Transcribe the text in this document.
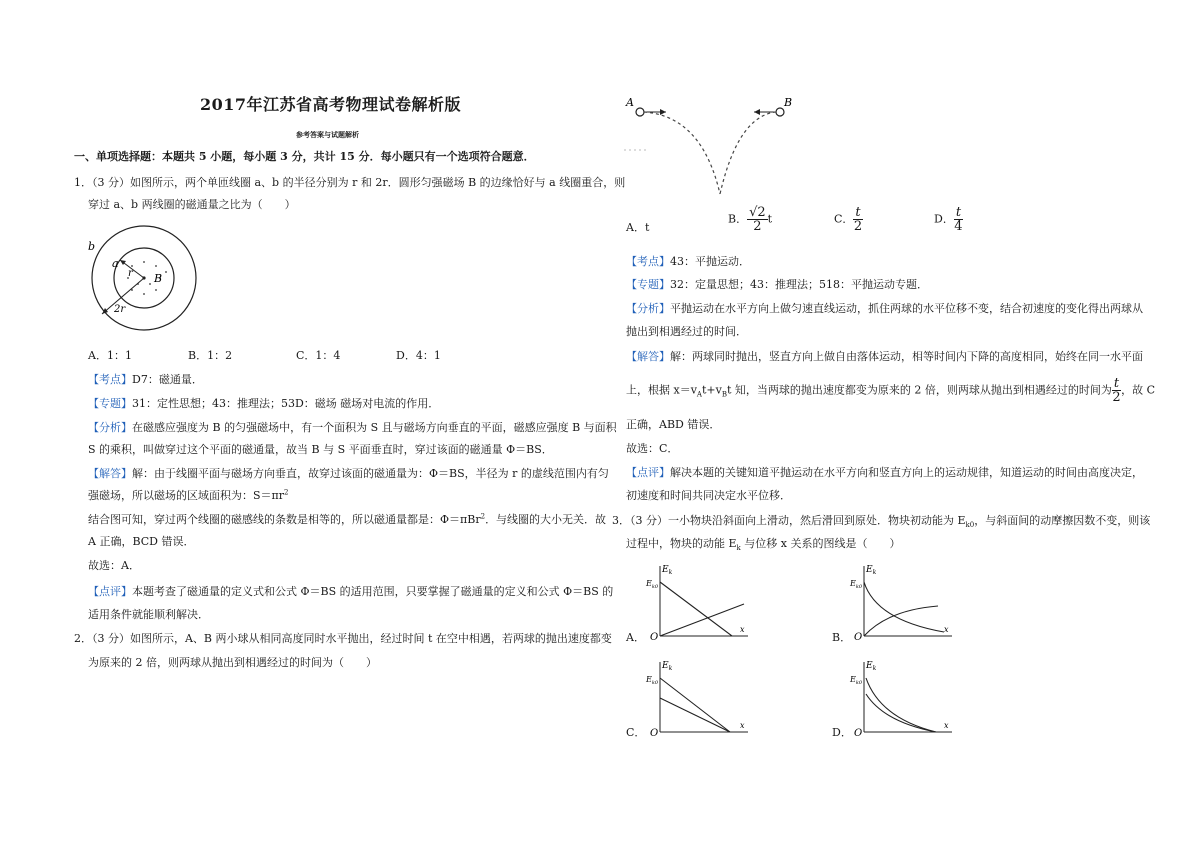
2017年江苏省高考物理试卷解析版
参考答案与试题解析
一、单项选择题：本题共 5 小题，每小题 3 分，共计 15 分．每小题只有一个选项符合题意．
1．（3 分）如图所示，两个单匝线圈 a、b 的半径分别为 r 和 2r．圆形匀强磁场 B 的边缘恰好与 a 线圈重合，则
穿过 a、b 两线圈的磁通量之比为（　　）
b
a
r B
2r
A．1：1	B．1：2	C．1：4	D．4：1
【考点】D7：磁通量．
【专题】31：定性思想；43：推理法；53D：磁场 磁场对电流的作用．
【分析】在磁感应强度为 B 的匀强磁场中，有一个面积为 S 且与磁场方向垂直的平面，磁感应强度 B 与面积
S 的乘积，叫做穿过这个平面的磁通量，故当 B 与 S 平面垂直时，穿过该面的磁通量 Φ＝BS．
【解答】解：由于线圈平面与磁场方向垂直，故穿过该面的磁通量为：Φ＝BS，半径为 r 的虚线范围内有匀
强磁场，所以磁场的区域面积为：$S=\pi r^2$
结合图可知，穿过两个线圈的磁感线的条数是相等的，所以磁通量都是：Φ＝πBr$^2$．与线圈的大小无关．故
A 正确，BCD 错误．
故选：A．
【点评】本题考查了磁通量的定义式和公式 Φ＝BS 的适用范围，只要掌握了磁通量的定义和公式 Φ＝BS 的
适用条件就能顺利解决．
2．（3 分）如图所示，A、B 两小球从相同高度同时水平抛出，经过时间 t 在空中相遇，若两球的抛出速度都变
为原来的 2 倍，则两球从抛出到相遇经过的时间为（　　）
A	B
A．t
B． $\frac{√2}{2}$ t	C． $\frac{t}{2}$	D． $\frac{t}{4}$
【考点】43：平抛运动．
【专题】32：定量思想；43：推理法；518：平抛运动专题．
【分析】平抛运动在水平方向上做匀速直线运动，抓住两球的水平位移不变，结合初速度的变化得出两球从
抛出到相遇经过的时间．
【解答】解：两球同时抛出，竖直方向上做自由落体运动，相等时间内下降的高度相同，始终在同一水平面
上，根据 $x=v_At+v_Bt$ 知，当两球的抛出速度都变为原来的 2 倍，则两球从抛出到相遇经过的时间为 $\frac{t}{2}$ ，故 C
正确，ABD 错误．
故选：C．
【点评】解决本题的关键知道平抛运动在水平方向和竖直方向上的运动规律，知道运动的时间由高度决定，
初速度和时间共同决定水平位移．
3．（3 分）一小物块沿斜面向上滑动，然后滑回到原处．物块初动能为 $E_{k0}$，与斜面间的动摩擦因数不变，则该
过程中，物块的动能 $E_k$ 与位移 x 关系的图线是（　　）
A．
$E_k$
$E_{k0}$
O
x
B．
$E_k$
$E_{k0}$
O
x
C．
$E_k$
$E_{k0}$
O
x
D．
$E_k$
$E_{k0}$
O
x
